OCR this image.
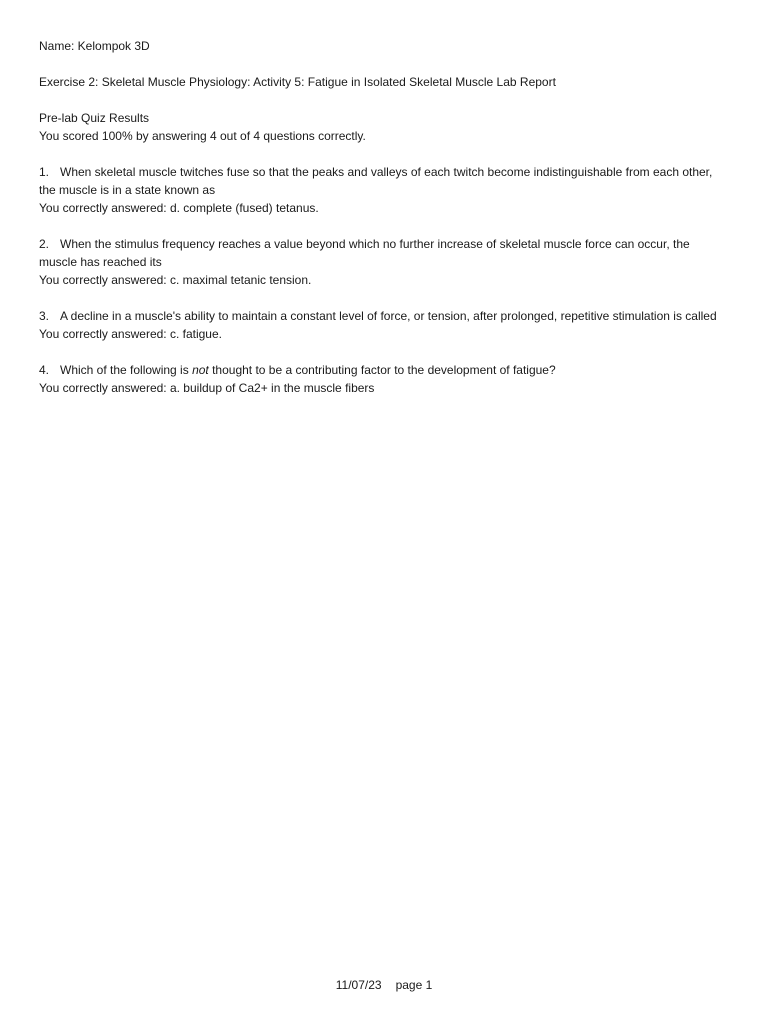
Name: Kelompok 3D

Exercise 2: Skeletal Muscle Physiology: Activity 5: Fatigue in Isolated Skeletal Muscle Lab Report

Pre-lab Quiz Results

You scored 100% by answering 4 out of 4 questions correctly.

1. When skeletal muscle twitches fuse so that the peaks and valleys of each twitch become indistinguishable from each other, the muscle is in a state known as

You correctly answered: d. complete (fused) tetanus.

2. When the stimulus frequency reaches a value beyond which no further increase of skeletal muscle force can occur, the muscle has reached its

You correctly answered: c. maximal tetanic tension.

3. A decline in a muscle's ability to maintain a constant level of force, or tension, after prolonged, repetitive stimulation is called

You correctly answered: c. fatigue.

4. Which of the following is not thought to be a contributing factor to the development of fatigue?

You correctly answered: a. buildup of Ca2+ in the muscle fibers

11/07/23 page 1
